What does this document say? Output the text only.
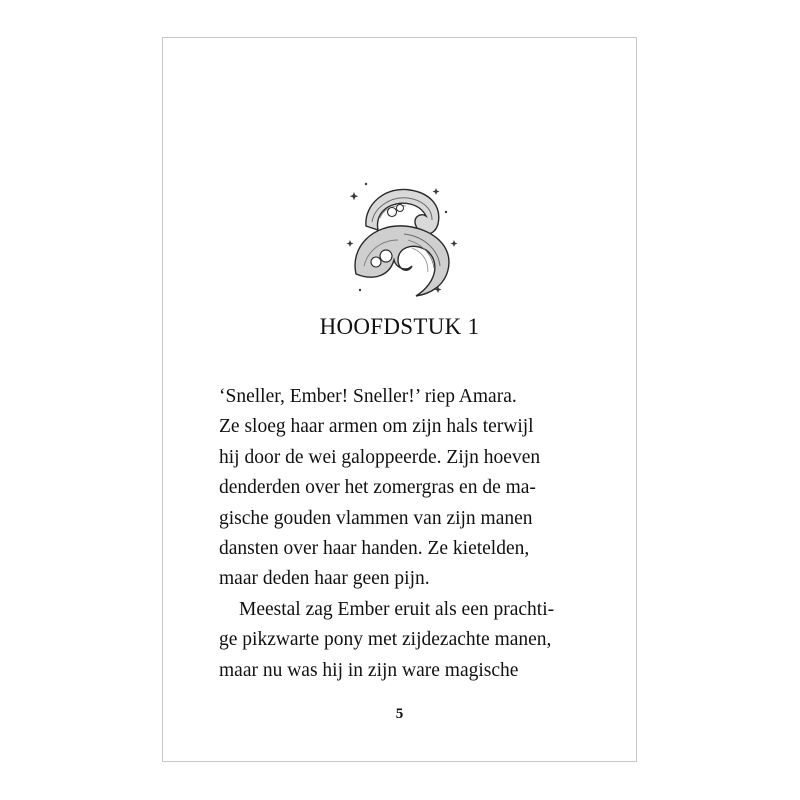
HOOFDSTUK 1
‘Sneller, Ember! Sneller!’ riep Amara.
Ze sloeg haar armen om zijn hals terwijl
hij door de wei galoppeerde. Zijn hoeven
denderden over het zomergras en de ma-
gische gouden vlammen van zijn manen
dansten over haar handen. Ze kietelden,
maar deden haar geen pijn.
Meestal zag Ember eruit als een prachti-
ge pikzwarte pony met zijdezachte manen,
maar nu was hij in zijn ware magische
5
